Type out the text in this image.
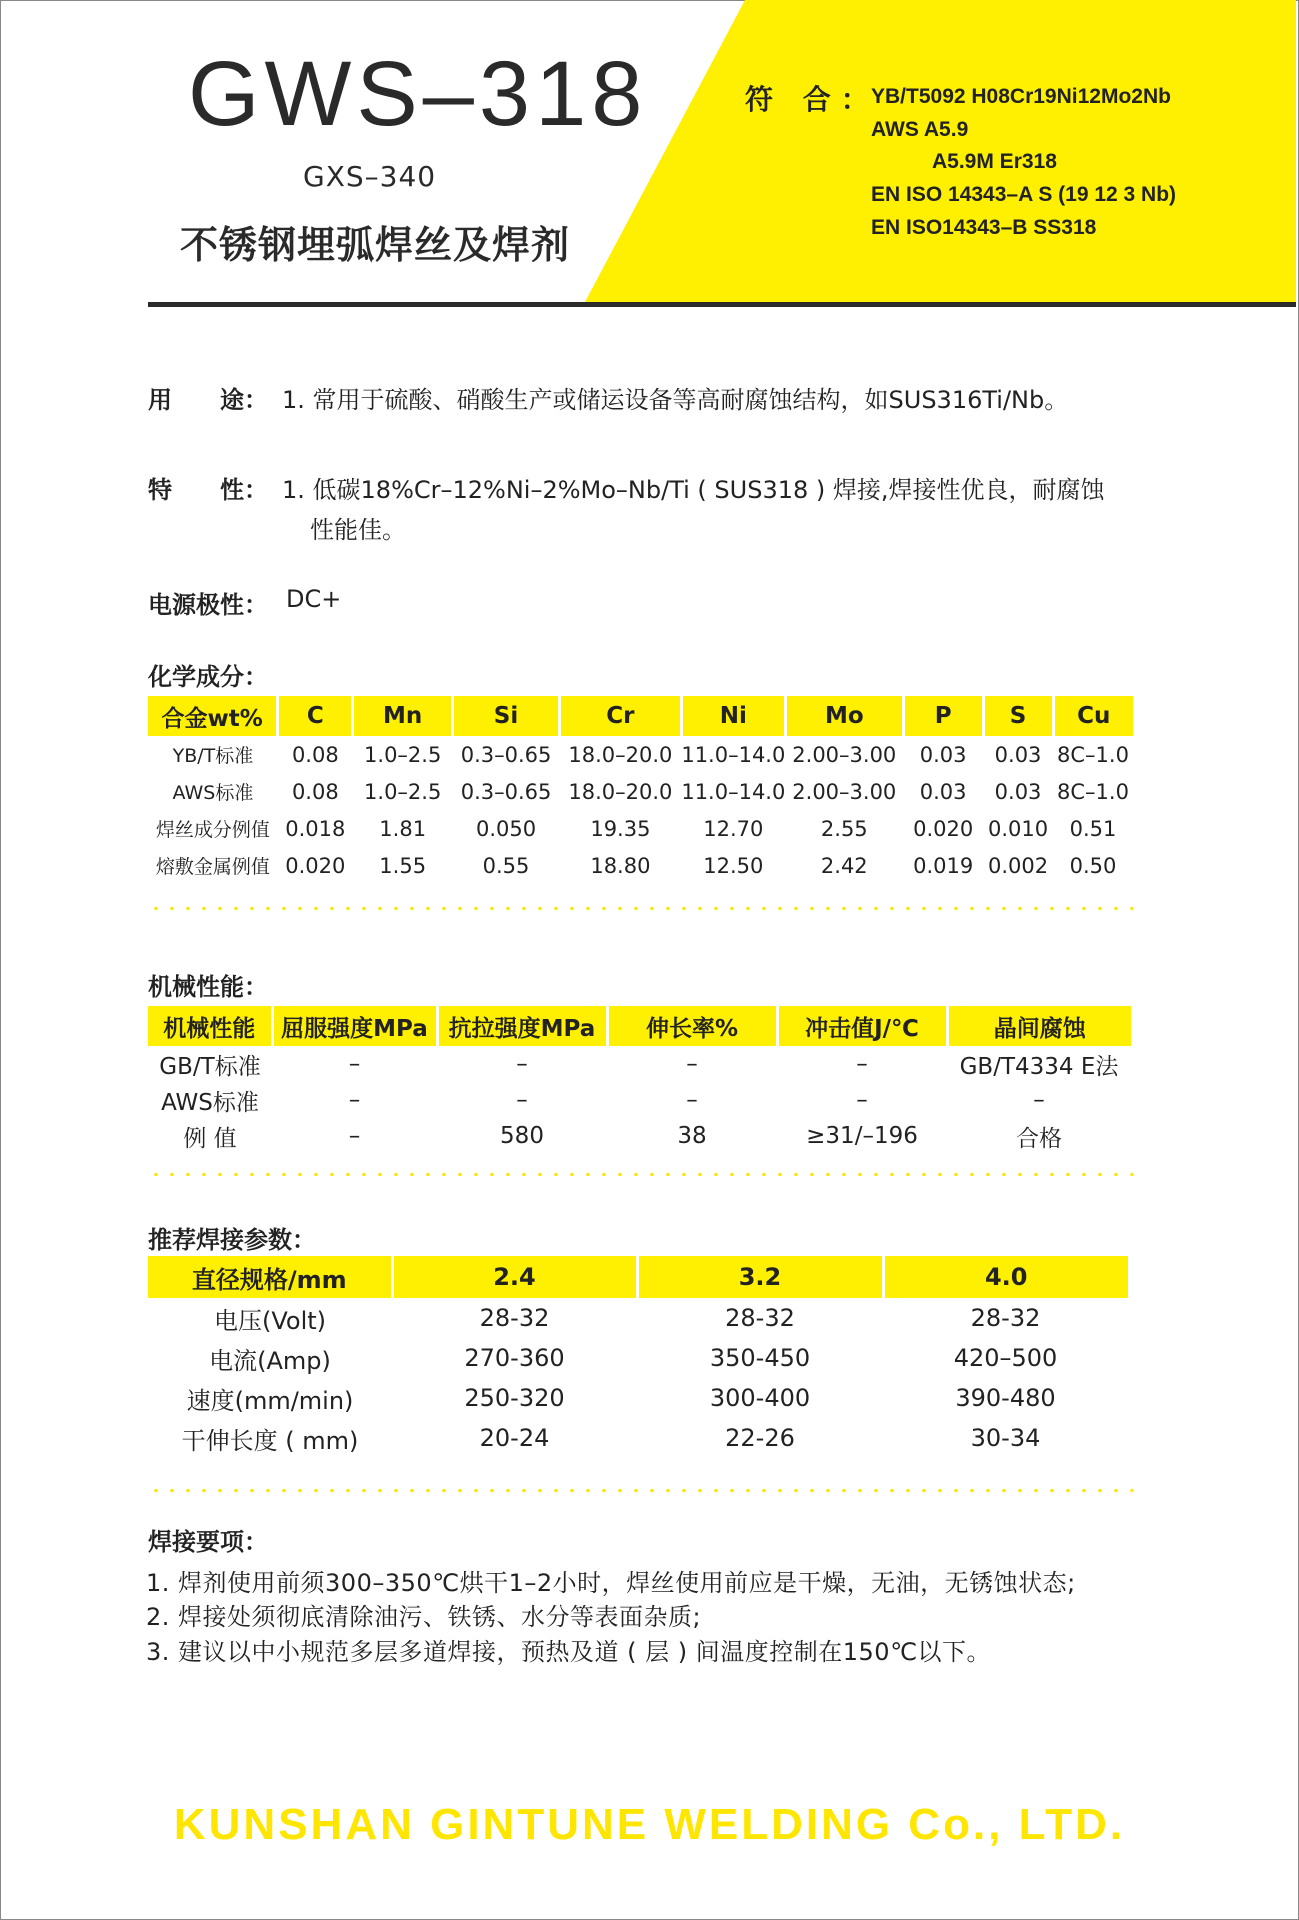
GWS–318
GXS–340
不锈钢埋弧焊丝及焊剂
符 合：
YB/T5092 H08Cr19Ni12Mo2Nb
AWS A5.9
A5.9M Er318
EN ISO 14343–A S (19 12 3 Nb)
EN ISO14343–B SS318
用　　途： 1. 常用于硫酸、硝酸生产或储运设备等高耐腐蚀结构，如SUS316Ti/Nb。
特　　性： 1. 低碳18%Cr–12%Ni–2%Mo–Nb/Ti ( SUS318 ) 焊接,焊接性优良，耐腐蚀
性能佳。
电源极性： DC+
化学成分：
合金wt%	C	Mn	Si	Cr	Ni	Mo	P	S	Cu
YB/T标准	0.08	1.0–2.5	0.3–0.65	18.0–20.0	11.0–14.0	2.00–3.00	0.03	0.03	8C–1.0
AWS标准	0.08	1.0–2.5	0.3–0.65	18.0–20.0	11.0–14.0	2.00–3.00	0.03	0.03	8C–1.0
焊丝成分例值	0.018	1.81	0.050	19.35	12.70	2.55	0.020	0.010	0.51
熔敷金属例值	0.020	1.55	0.55	18.80	12.50	2.42	0.019	0.002	0.50
机械性能：
机械性能	屈服强度MPa	抗拉强度MPa	伸长率%	冲击值J/℃	晶间腐蚀
GB/T标准	–	–	–	–	GB/T4334 E法
AWS标准	–	–	–	–	–
例 值	–	580	38	≥31/–196	合格
推荐焊接参数：
直径规格/mm	2.4	3.2	4.0
电压(Volt)	28-32	28-32	28-32
电流(Amp)	270-360	350-450	420–500
速度(mm/min)	250-320	300-400	390-480
干伸长度 ( mm)	20-24	22-26	30-34
焊接要项：
1. 焊剂使用前须300–350℃烘干1–2小时，焊丝使用前应是干燥，无油，无锈蚀状态;
2. 焊接处须彻底清除油污、铁锈、水分等表面杂质;
3. 建议以中小规范多层多道焊接，预热及道 ( 层 ) 间温度控制在150℃以下。
KUNSHAN GINTUNE WELDING Co., LTD.
